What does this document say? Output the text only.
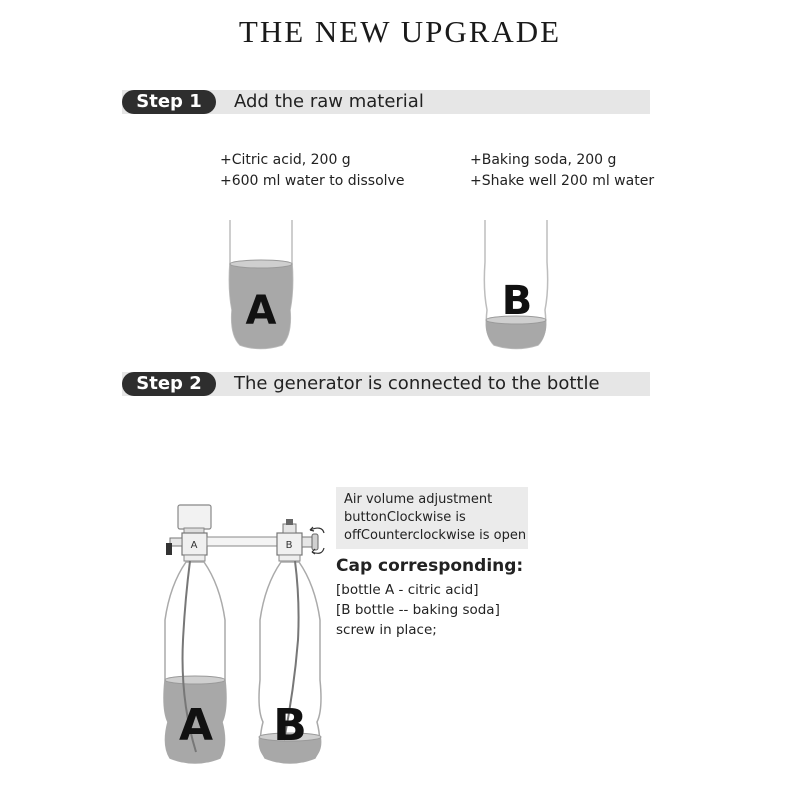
THE NEW UPGRADE
Step 1	Add the raw material
+Citric acid, 200 g
+600 ml water to dissolve
+Baking soda, 200 g
+Shake well 200 ml water
Step 2	The generator is connected to the bottle
A	B
A	B
A B
Air volume adjustment
buttonClockwise is
offCounterclockwise is open
Cap corresponding:
[bottle A - citric acid]
[B bottle -- baking soda]
screw in place;
